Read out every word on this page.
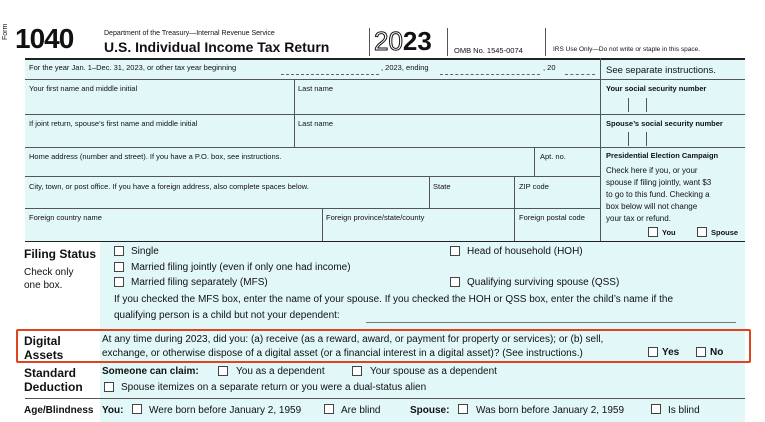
Form 1040	Department of the Treasury—Internal Revenue Service
U.S. Individual Income Tax Return 2023	OMB No. 1545-0074	IRS Use Only—Do not write or staple in this space.
For the year Jan. 1–Dec. 31, 2023, or other tax year beginning	, 2023, ending	, 20	See separate instructions.
Your first name and middle initial	Last name	Your social security number
If joint return, spouse’s first name and middle initial	Last name	Spouse’s social security number
Home address (number and street). If you have a P.O. box, see instructions.	Apt. no.
City, town, or post office. If you have a foreign address, also complete spaces below.	State	ZIP code
Foreign country name	Foreign province/state/county	Foreign postal code
Presidential Election Campaign
Check here if you, or your
spouse if filing jointly, want $3
to go to this fund. Checking a
box below will not change
your tax or refund.
You	Spouse
Filing Status
Check only
one box.
Single
Married filing jointly (even if only one had income)
Married filing separately (MFS)
Head of household (HOH)
Qualifying surviving spouse (QSS)
If you checked the MFS box, enter the name of your spouse. If you checked the HOH or QSS box, enter the child’s name if the
qualifying person is a child but not your dependent:
Digital
Assets
At any time during 2023, did you: (a) receive (as a reward, award, or payment for property or services); or (b) sell,
exchange, or otherwise dispose of a digital asset (or a financial interest in a digital asset)? (See instructions.)	Yes	No
Standard
Deduction
Someone can claim:	You as a dependent	Your spouse as a dependent
Spouse itemizes on a separate return or you were a dual-status alien
Age/Blindness You:	Were born before January 2, 1959	Are blind	Spouse:	Was born before January 2, 1959	Is blind
